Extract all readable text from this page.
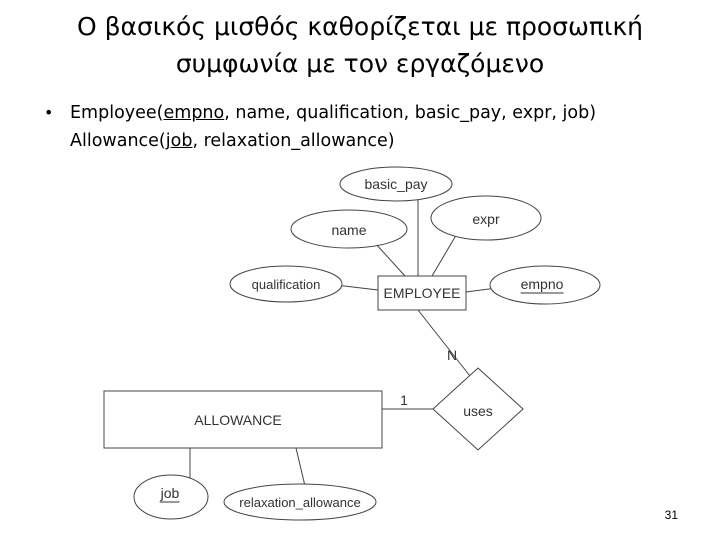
Ο βασικός μισθός καθορίζεται με προσωπική
συμφωνία με τον εργαζόμενο
• Employee(empno, name, qualification, basic_pay, expr, job)
Allowance(job, relaxation_allowance)
basic_pay
expr
name
qualification	empno
relaxation_allowance
job
EMPLOYEE
ALLOWANCE
uses
N
1
31
